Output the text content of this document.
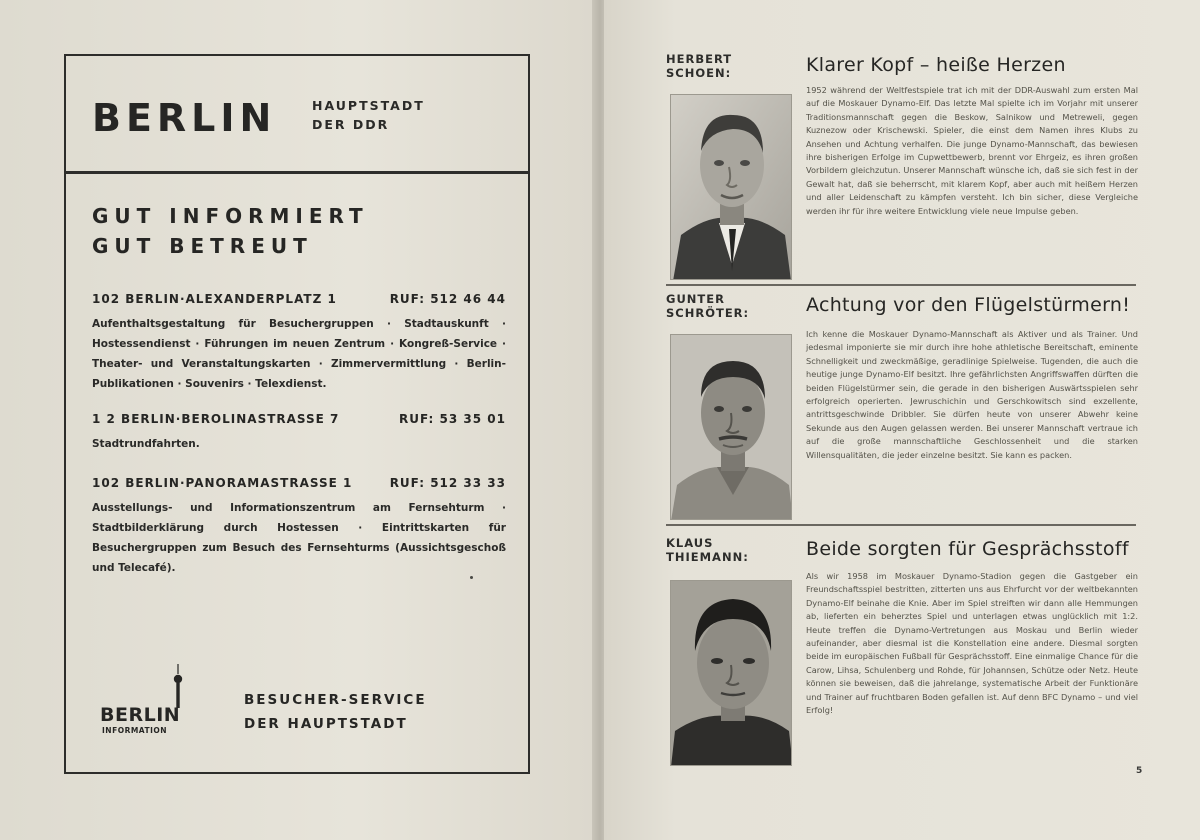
BERLIN	HAUPTSTADT
DER DDR
GUT INFORMIERT
GUT BETREUT
102 BERLIN·ALEXANDERPLATZ 1	RUF: 512 46 44
Aufenthaltsgestaltung für Besuchergruppen · Stadtauskunft · Hostessendienst · Führungen im neuen Zentrum · Kongreß-Service · Theater- und Veranstaltungskarten · Zimmervermittlung · Berlin-Publikationen · Souvenirs · Telexdienst.
1 2 BERLIN·BEROLINASTRASSE 7	RUF: 53 35 01
Stadtrundfahrten.
102 BERLIN·PANORAMASTRASSE 1	RUF: 512 33 33
Ausstellungs- und Informationszentrum am Fernsehturm · Stadtbilderklärung durch Hostessen · Eintrittskarten für Besuchergruppen zum Besuch des Fernsehturms (Aussichtsgeschoß und Telecafé).
BERLIN
INFORMATION
BESUCHER-SERVICE
DER HAUPTSTADT
HERBERT
SCHOEN:	Klarer Kopf – heiße Herzen
1952 während der Weltfestspiele trat ich mit der DDR-Auswahl zum ersten Mal auf die Moskauer Dynamo-Elf. Das letzte Mal spielte ich im Vorjahr mit unserer Traditionsmannschaft gegen die Beskow, Salnikow und Metreweli, gegen Kuznezow oder Krischewski. Spieler, die einst dem Namen ihres Klubs zu Ansehen und Achtung verhalfen. Die junge Dynamo-Mannschaft, das bewiesen ihre bisherigen Erfolge im Cupwettbewerb, brennt vor Ehrgeiz, es ihren großen Vorbildern gleichzutun. Unserer Mannschaft wünsche ich, daß sie sich fest in der Gewalt hat, daß sie beherrscht, mit klarem Kopf, aber auch mit heißem Herzen und aller Leidenschaft zu kämpfen versteht. Ich bin sicher, diese Vergleiche werden ihr für ihre weitere Entwicklung viele neue Impulse geben.
GUNTER
SCHRÖTER:	Achtung vor den Flügelstürmern!
Ich kenne die Moskauer Dynamo-Mannschaft als Aktiver und als Trainer. Und jedesmal imponierte sie mir durch ihre hohe athletische Bereitschaft, eminente Schnelligkeit und zweckmäßige, geradlinige Spielweise. Tugenden, die auch die heutige junge Dynamo-Elf besitzt. Ihre gefährlichsten Angriffswaffen dürften die beiden Flügelstürmer sein, die gerade in den bisherigen Auswärtsspielen sehr erfolgreich operierten. Jewruschichin und Gerschkowitsch sind exzellente, antrittsgeschwinde Dribbler. Sie dürfen heute von unserer Abwehr keine Sekunde aus den Augen gelassen werden. Bei unserer Mannschaft vertraue ich auf die große mannschaftliche Geschlossenheit und die starken Willensqualitäten, die jeder einzelne besitzt. Sie kann es packen.
KLAUS
THIEMANN:	Beide sorgten für Gesprächsstoff
Als wir 1958 im Moskauer Dynamo-Stadion gegen die Gastgeber ein Freundschaftsspiel bestritten, zitterten uns aus Ehrfurcht vor der weltbekannten Dynamo-Elf beinahe die Knie. Aber im Spiel streiften wir dann alle Hemmungen ab, lieferten ein beherztes Spiel und unterlagen etwas unglücklich mit 1:2. Heute treffen die Dynamo-Vertretungen aus Moskau und Berlin wieder aufeinander, aber diesmal ist die Konstellation eine andere. Diesmal sorgten beide im europäischen Fußball für Gesprächsstoff. Eine einmalige Chance für die Carow, Lihsa, Schulenberg und Rohde, für Johannsen, Schütze oder Netz. Heute können sie beweisen, daß die jahrelange, systematische Arbeit der Funktionäre und Trainer auf fruchtbaren Boden gefallen ist. Auf denn BFC Dynamo – und viel Erfolg!
5
